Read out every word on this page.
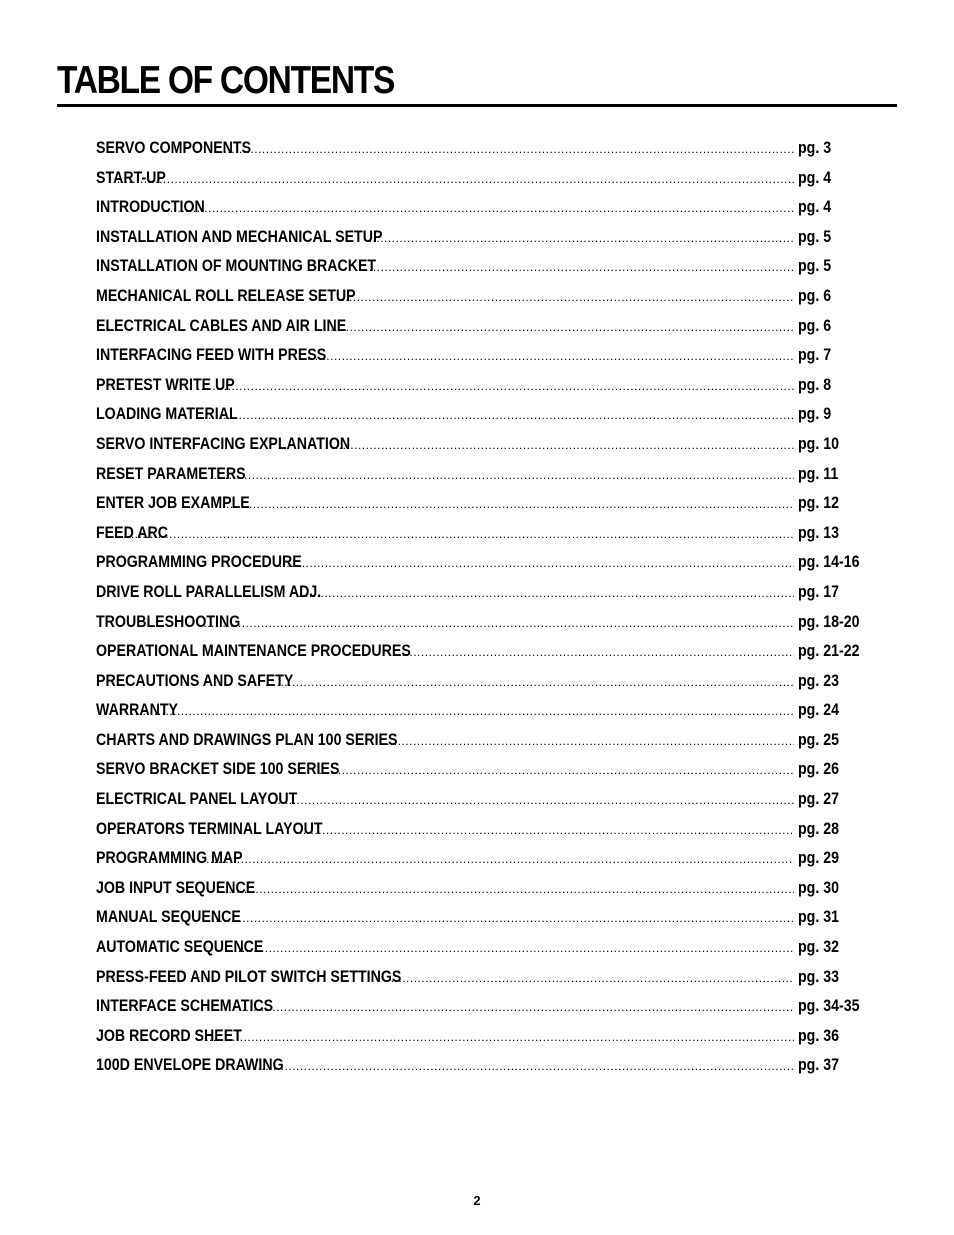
TABLE OF CONTENTS
SERVO COMPONENTS .....	pg. 3
START-UP .....	pg. 4
INTRODUCTION .....	pg. 4
INSTALLATION AND MECHANICAL SETUP .....	pg. 5
INSTALLATION OF MOUNTING BRACKET .....	pg. 5
MECHANICAL ROLL RELEASE SETUP .....	pg. 6
ELECTRICAL CABLES AND AIR LINE .....	pg. 6
INTERFACING FEED WITH PRESS .....	pg. 7
PRETEST WRITE UP .....	pg. 8
LOADING MATERIAL .....	pg. 9
SERVO INTERFACING EXPLANATION .....	pg. 10
RESET PARAMETERS .....	pg. 11
ENTER JOB EXAMPLE .....	pg. 12
FEED ARC .....	pg. 13
PROGRAMMING PROCEDURE .....	pg. 14-16
DRIVE ROLL PARALLELISM ADJ. .....	pg. 17
TROUBLESHOOTING .....	pg. 18-20
OPERATIONAL MAINTENANCE PROCEDURES .....	pg. 21-22
PRECAUTIONS AND SAFETY .....	pg. 23
WARRANTY .....	pg. 24
CHARTS AND DRAWINGS PLAN 100 SERIES .....	pg. 25
SERVO BRACKET SIDE 100 SERIES .....	pg. 26
ELECTRICAL PANEL LAYOUT .....	pg. 27
OPERATORS TERMINAL LAYOUT .....	pg. 28
PROGRAMMING MAP .....	pg. 29
JOB INPUT SEQUENCE .....	pg. 30
MANUAL SEQUENCE .....	pg. 31
AUTOMATIC SEQUENCE .....	pg. 32
PRESS-FEED AND PILOT SWITCH SETTINGS .....	pg. 33
INTERFACE SCHEMATICS .....	pg. 34-35
JOB RECORD SHEET .....	pg. 36
100D ENVELOPE DRAWING .....	pg. 37
2
